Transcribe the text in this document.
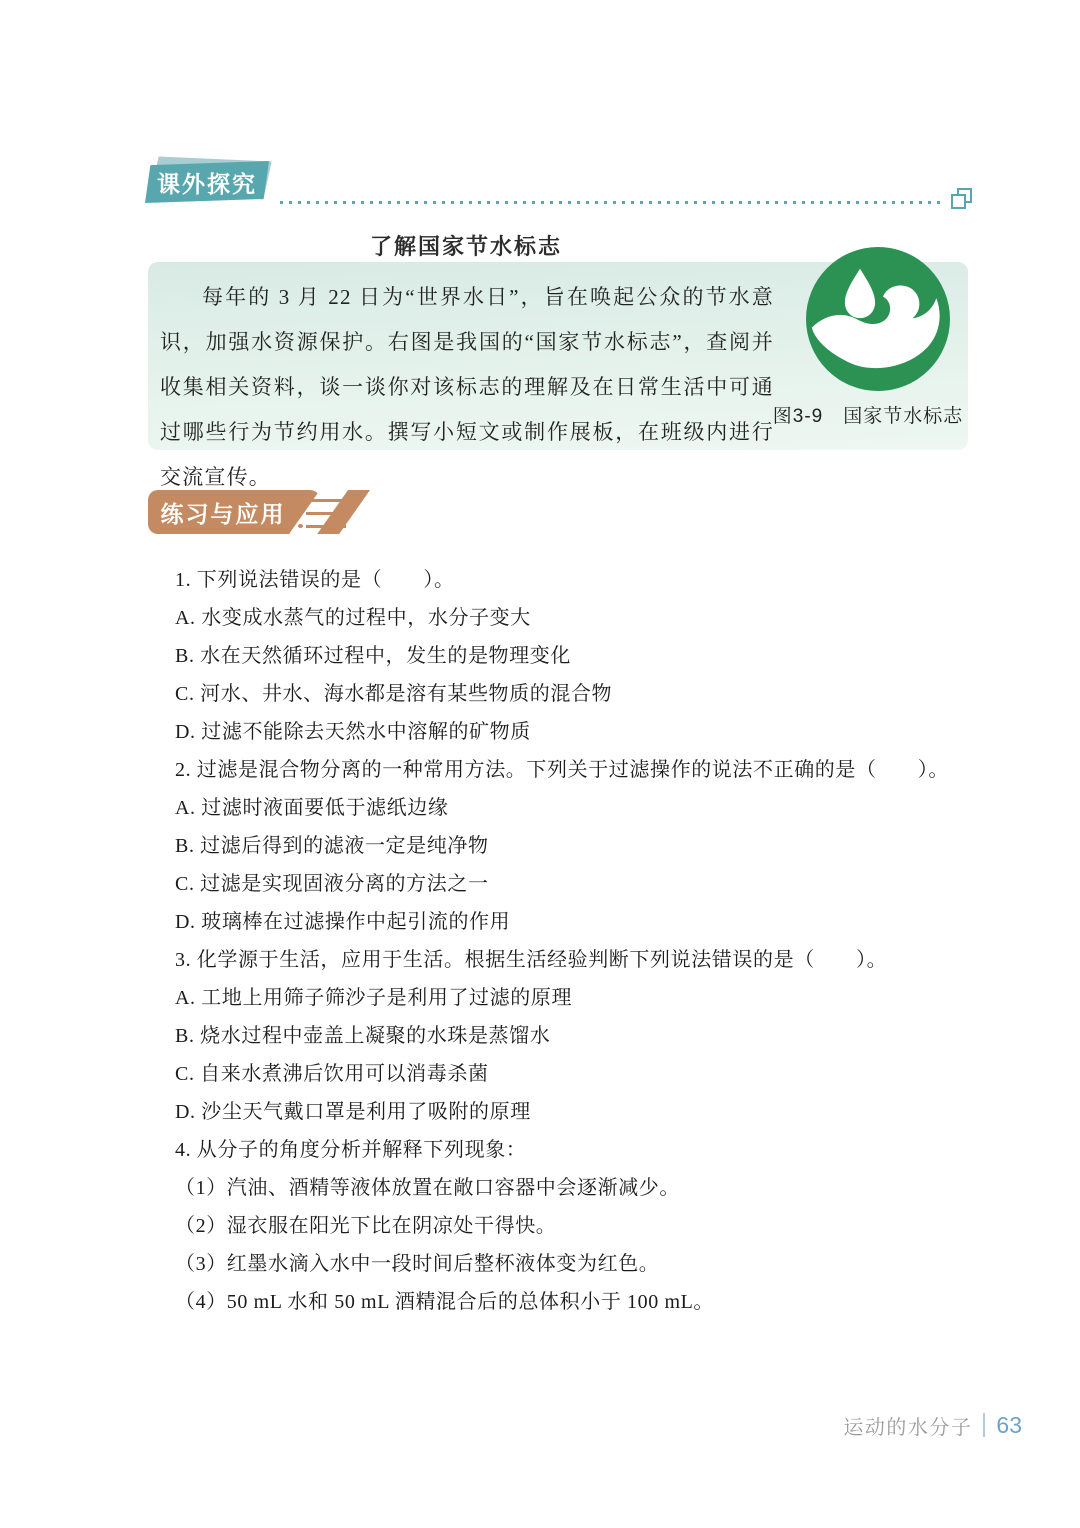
课外探究
了解国家节水标志

每年的 3 月 22 日为“世界水日”，旨在唤起公众的节水意识，加强水资源保护。右图是我国的“国家节水标志”，查阅并收集相关资料，谈一谈你对该标志的理解及在日常生活中可通过哪些行为节约用水。撰写小短文或制作展板，在班级内进行交流宣传。

图3-9　国家节水标志
练习与应用
1. 下列说法错误的是（　　）。
A. 水变成水蒸气的过程中，水分子变大
B. 水在天然循环过程中，发生的是物理变化
C. 河水、井水、海水都是溶有某些物质的混合物
D. 过滤不能除去天然水中溶解的矿物质
2. 过滤是混合物分离的一种常用方法。下列关于过滤操作的说法不正确的是（　　）。
A. 过滤时液面要低于滤纸边缘
B. 过滤后得到的滤液一定是纯净物
C. 过滤是实现固液分离的方法之一
D. 玻璃棒在过滤操作中起引流的作用
3. 化学源于生活，应用于生活。根据生活经验判断下列说法错误的是（　　）。
A. 工地上用筛子筛沙子是利用了过滤的原理
B. 烧水过程中壶盖上凝聚的水珠是蒸馏水
C. 自来水煮沸后饮用可以消毒杀菌
D. 沙尘天气戴口罩是利用了吸附的原理
4. 从分子的角度分析并解释下列现象：
（1）汽油、酒精等液体放置在敞口容器中会逐渐减少。
（2）湿衣服在阳光下比在阴凉处干得快。
（3）红墨水滴入水中一段时间后整杯液体变为红色。
（4）50 mL 水和 50 mL 酒精混合后的总体积小于 100 mL。
运动的水分子 63
